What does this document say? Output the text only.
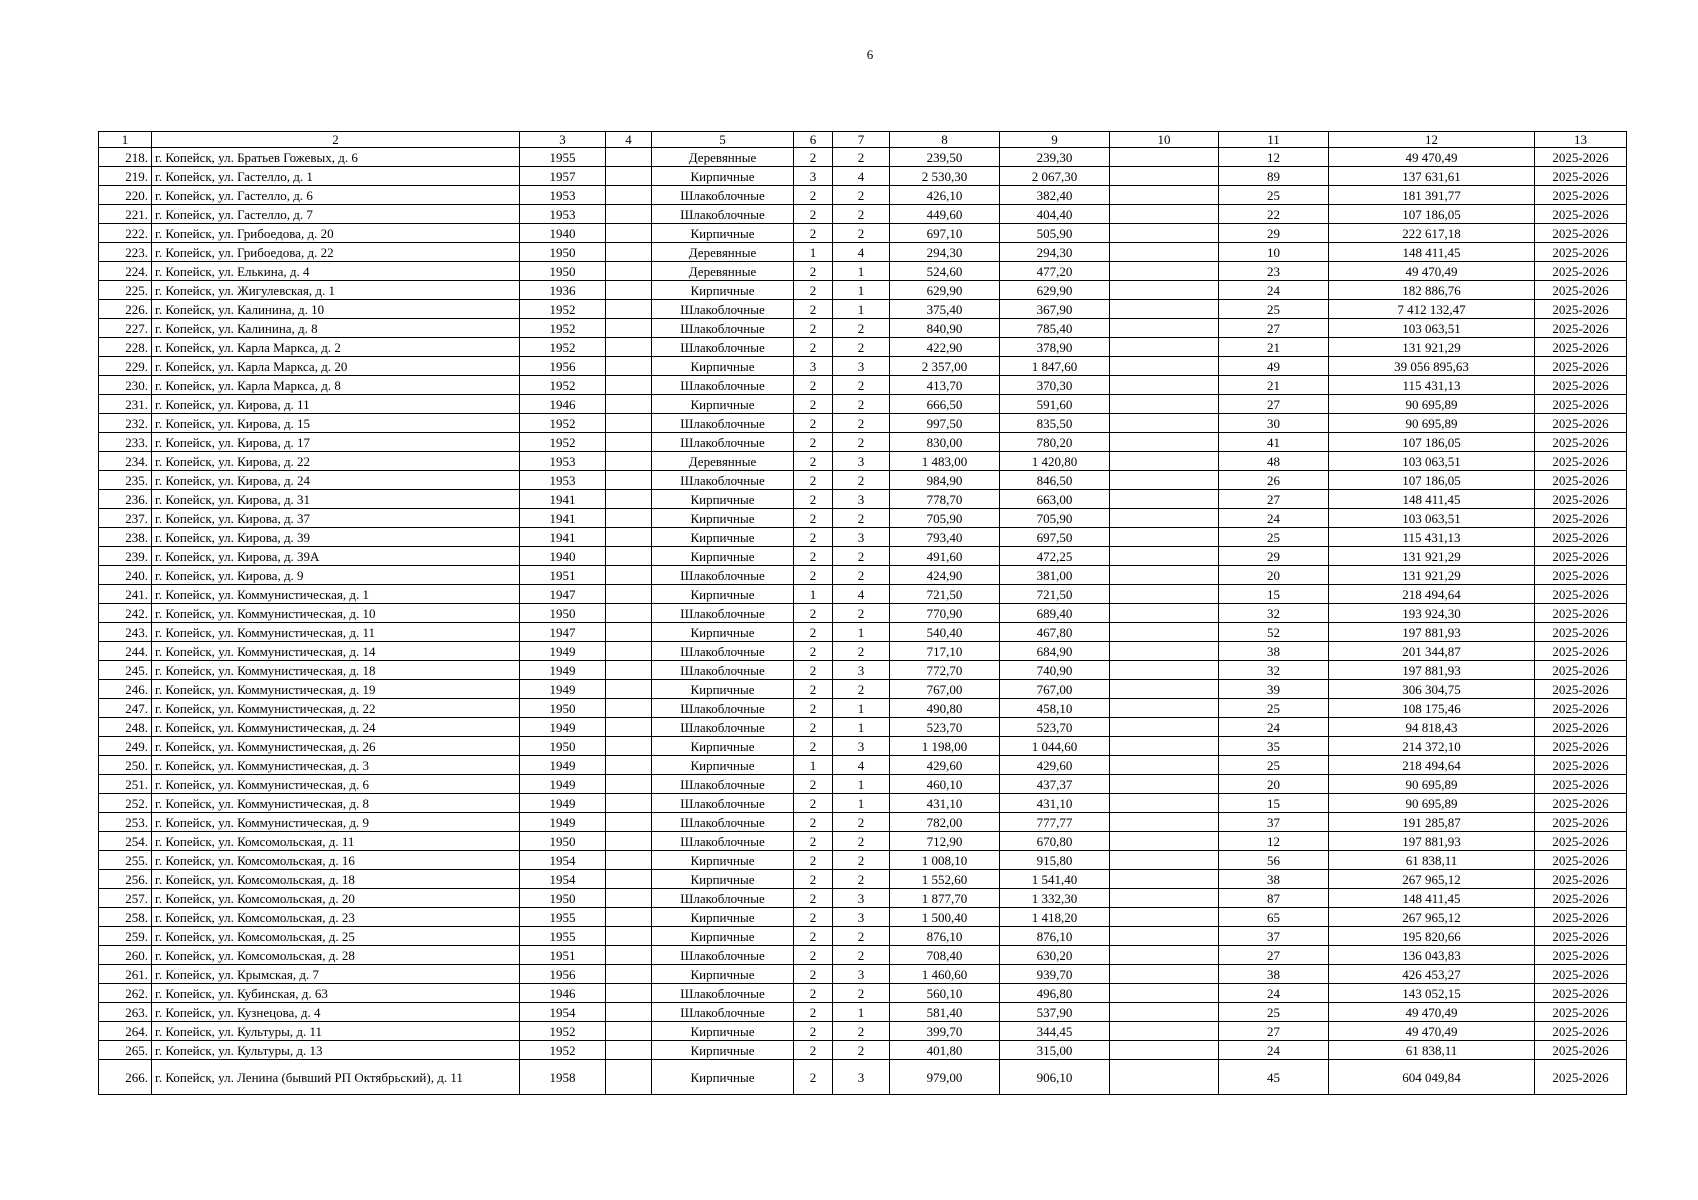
6
1	2	3	4	5	6	7	8	9	10	11	12	13
218.	г. Копейск, ул. Братьев Гожевых, д. 6	1955		Деревянные	2	2	239,50	239,30		12	49 470,49	2025-2026
219.	г. Копейск, ул. Гастелло, д. 1	1957		Кирпичные	3	4	2 530,30	2 067,30		89	137 631,61	2025-2026
220.	г. Копейск, ул. Гастелло, д. 6	1953		Шлакоблочные	2	2	426,10	382,40		25	181 391,77	2025-2026
221.	г. Копейск, ул. Гастелло, д. 7	1953		Шлакоблочные	2	2	449,60	404,40		22	107 186,05	2025-2026
222.	г. Копейск, ул. Грибоедова, д. 20	1940		Кирпичные	2	2	697,10	505,90		29	222 617,18	2025-2026
223.	г. Копейск, ул. Грибоедова, д. 22	1950		Деревянные	1	4	294,30	294,30		10	148 411,45	2025-2026
224.	г. Копейск, ул. Елькина, д. 4	1950		Деревянные	2	1	524,60	477,20		23	49 470,49	2025-2026
225.	г. Копейск, ул. Жигулевская, д. 1	1936		Кирпичные	2	1	629,90	629,90		24	182 886,76	2025-2026
226.	г. Копейск, ул. Калинина, д. 10	1952		Шлакоблочные	2	1	375,40	367,90		25	7 412 132,47	2025-2026
227.	г. Копейск, ул. Калинина, д. 8	1952		Шлакоблочные	2	2	840,90	785,40		27	103 063,51	2025-2026
228.	г. Копейск, ул. Карла Маркса, д. 2	1952		Шлакоблочные	2	2	422,90	378,90		21	131 921,29	2025-2026
229.	г. Копейск, ул. Карла Маркса, д. 20	1956		Кирпичные	3	3	2 357,00	1 847,60		49	39 056 895,63	2025-2026
230.	г. Копейск, ул. Карла Маркса, д. 8	1952		Шлакоблочные	2	2	413,70	370,30		21	115 431,13	2025-2026
231.	г. Копейск, ул. Кирова, д. 11	1946		Кирпичные	2	2	666,50	591,60		27	90 695,89	2025-2026
232.	г. Копейск, ул. Кирова, д. 15	1952		Шлакоблочные	2	2	997,50	835,50		30	90 695,89	2025-2026
233.	г. Копейск, ул. Кирова, д. 17	1952		Шлакоблочные	2	2	830,00	780,20		41	107 186,05	2025-2026
234.	г. Копейск, ул. Кирова, д. 22	1953		Деревянные	2	3	1 483,00	1 420,80		48	103 063,51	2025-2026
235.	г. Копейск, ул. Кирова, д. 24	1953		Шлакоблочные	2	2	984,90	846,50		26	107 186,05	2025-2026
236.	г. Копейск, ул. Кирова, д. 31	1941		Кирпичные	2	3	778,70	663,00		27	148 411,45	2025-2026
237.	г. Копейск, ул. Кирова, д. 37	1941		Кирпичные	2	2	705,90	705,90		24	103 063,51	2025-2026
238.	г. Копейск, ул. Кирова, д. 39	1941		Кирпичные	2	3	793,40	697,50		25	115 431,13	2025-2026
239.	г. Копейск, ул. Кирова, д. 39А	1940		Кирпичные	2	2	491,60	472,25		29	131 921,29	2025-2026
240.	г. Копейск, ул. Кирова, д. 9	1951		Шлакоблочные	2	2	424,90	381,00		20	131 921,29	2025-2026
241.	г. Копейск, ул. Коммунистическая, д. 1	1947		Кирпичные	1	4	721,50	721,50		15	218 494,64	2025-2026
242.	г. Копейск, ул. Коммунистическая, д. 10	1950		Шлакоблочные	2	2	770,90	689,40		32	193 924,30	2025-2026
243.	г. Копейск, ул. Коммунистическая, д. 11	1947		Кирпичные	2	1	540,40	467,80		52	197 881,93	2025-2026
244.	г. Копейск, ул. Коммунистическая, д. 14	1949		Шлакоблочные	2	2	717,10	684,90		38	201 344,87	2025-2026
245.	г. Копейск, ул. Коммунистическая, д. 18	1949		Шлакоблочные	2	3	772,70	740,90		32	197 881,93	2025-2026
246.	г. Копейск, ул. Коммунистическая, д. 19	1949		Кирпичные	2	2	767,00	767,00		39	306 304,75	2025-2026
247.	г. Копейск, ул. Коммунистическая, д. 22	1950		Шлакоблочные	2	1	490,80	458,10		25	108 175,46	2025-2026
248.	г. Копейск, ул. Коммунистическая, д. 24	1949		Шлакоблочные	2	1	523,70	523,70		24	94 818,43	2025-2026
249.	г. Копейск, ул. Коммунистическая, д. 26	1950		Кирпичные	2	3	1 198,00	1 044,60		35	214 372,10	2025-2026
250.	г. Копейск, ул. Коммунистическая, д. 3	1949		Кирпичные	1	4	429,60	429,60		25	218 494,64	2025-2026
251.	г. Копейск, ул. Коммунистическая, д. 6	1949		Шлакоблочные	2	1	460,10	437,37		20	90 695,89	2025-2026
252.	г. Копейск, ул. Коммунистическая, д. 8	1949		Шлакоблочные	2	1	431,10	431,10		15	90 695,89	2025-2026
253.	г. Копейск, ул. Коммунистическая, д. 9	1949		Шлакоблочные	2	2	782,00	777,77		37	191 285,87	2025-2026
254.	г. Копейск, ул. Комсомольская, д. 11	1950		Шлакоблочные	2	2	712,90	670,80		12	197 881,93	2025-2026
255.	г. Копейск, ул. Комсомольская, д. 16	1954		Кирпичные	2	2	1 008,10	915,80		56	61 838,11	2025-2026
256.	г. Копейск, ул. Комсомольская, д. 18	1954		Кирпичные	2	2	1 552,60	1 541,40		38	267 965,12	2025-2026
257.	г. Копейск, ул. Комсомольская, д. 20	1950		Шлакоблочные	2	3	1 877,70	1 332,30		87	148 411,45	2025-2026
258.	г. Копейск, ул. Комсомольская, д. 23	1955		Кирпичные	2	3	1 500,40	1 418,20		65	267 965,12	2025-2026
259.	г. Копейск, ул. Комсомольская, д. 25	1955		Кирпичные	2	2	876,10	876,10		37	195 820,66	2025-2026
260.	г. Копейск, ул. Комсомольская, д. 28	1951		Шлакоблочные	2	2	708,40	630,20		27	136 043,83	2025-2026
261.	г. Копейск, ул. Крымская, д. 7	1956		Кирпичные	2	3	1 460,60	939,70		38	426 453,27	2025-2026
262.	г. Копейск, ул. Кубинская, д. 63	1946		Шлакоблочные	2	2	560,10	496,80		24	143 052,15	2025-2026
263.	г. Копейск, ул. Кузнецова, д. 4	1954		Шлакоблочные	2	1	581,40	537,90		25	49 470,49	2025-2026
264.	г. Копейск, ул. Культуры, д. 11	1952		Кирпичные	2	2	399,70	344,45		27	49 470,49	2025-2026
265.	г. Копейск, ул. Культуры, д. 13	1952		Кирпичные	2	2	401,80	315,00		24	61 838,11	2025-2026
266.	г. Копейск, ул. Ленина (бывший РП Октябрьский), д. 11	1958		Кирпичные	2	3	979,00	906,10		45	604 049,84	2025-2026
